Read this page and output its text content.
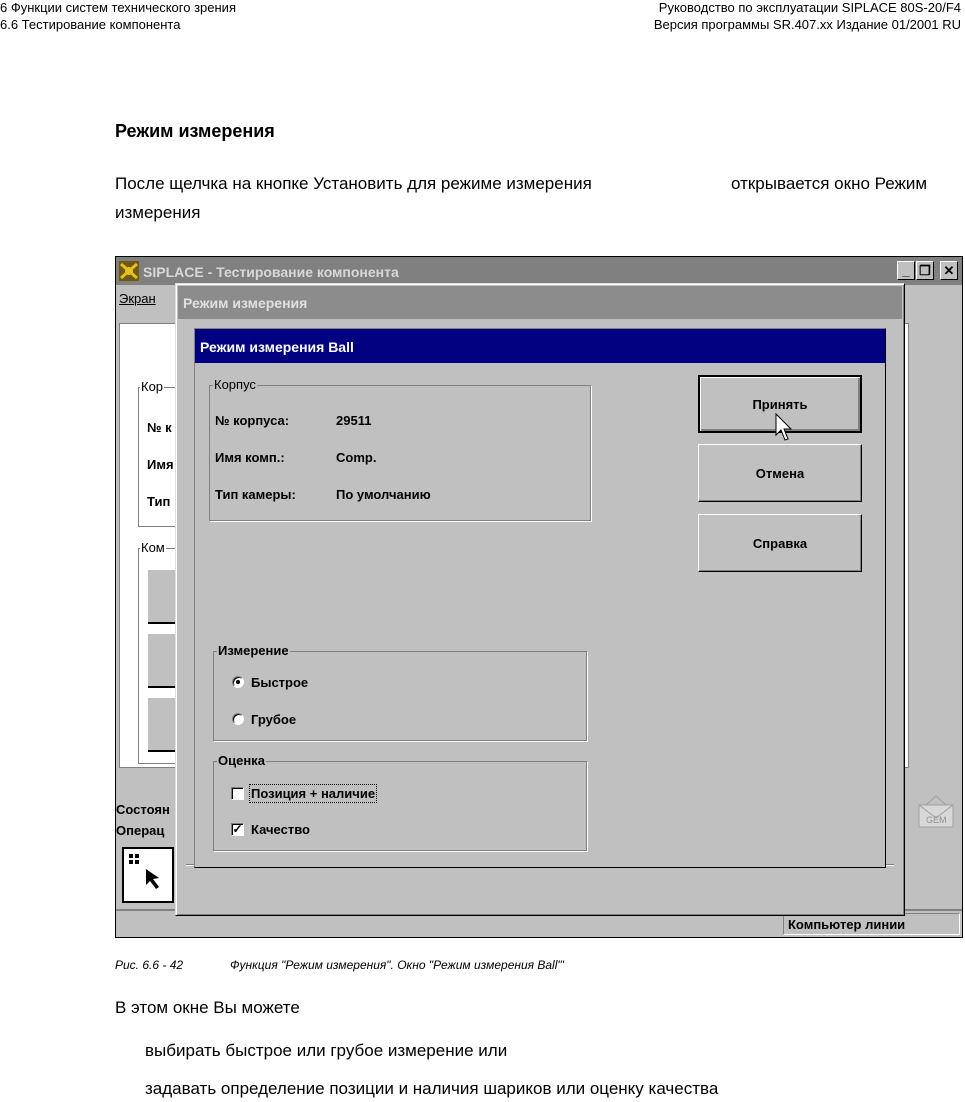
6 Функции систем технического зрения
6.6 Тестирование компонента
Руководство по эксплуатации SIPLACE 80S-20/F4
Версия программы SR.407.xx Издание 01/2001 RU
Режим измерения
После щелчка на кнопке Установить для режиме измерения	открывается окно Режим
измерения
SIPLACE - Тестирование компонента	_ ❐ ✕
Экран
Кор
№ к
Имя
Тип
Ком
Состоян
Операц
GEM
Компьютер линии
Режим измерения
Режим измерения Ball
Корпус
№ корпуса:	29511
Имя комп.:	Comp.
Тип камеры:	По умолчанию
Принять
Отмена
Справка
Измерение
Быстрое
Грубое
Оценка
Позиция + наличие
✓ Качество
Рис. 6.6 - 42	Функция "Режим измерения". Окно "Режим измерения Ball"'
В этом окне Вы можете
выбирать быстрое или грубое измерение или
задавать определение позиции и наличия шариков или оценку качества
